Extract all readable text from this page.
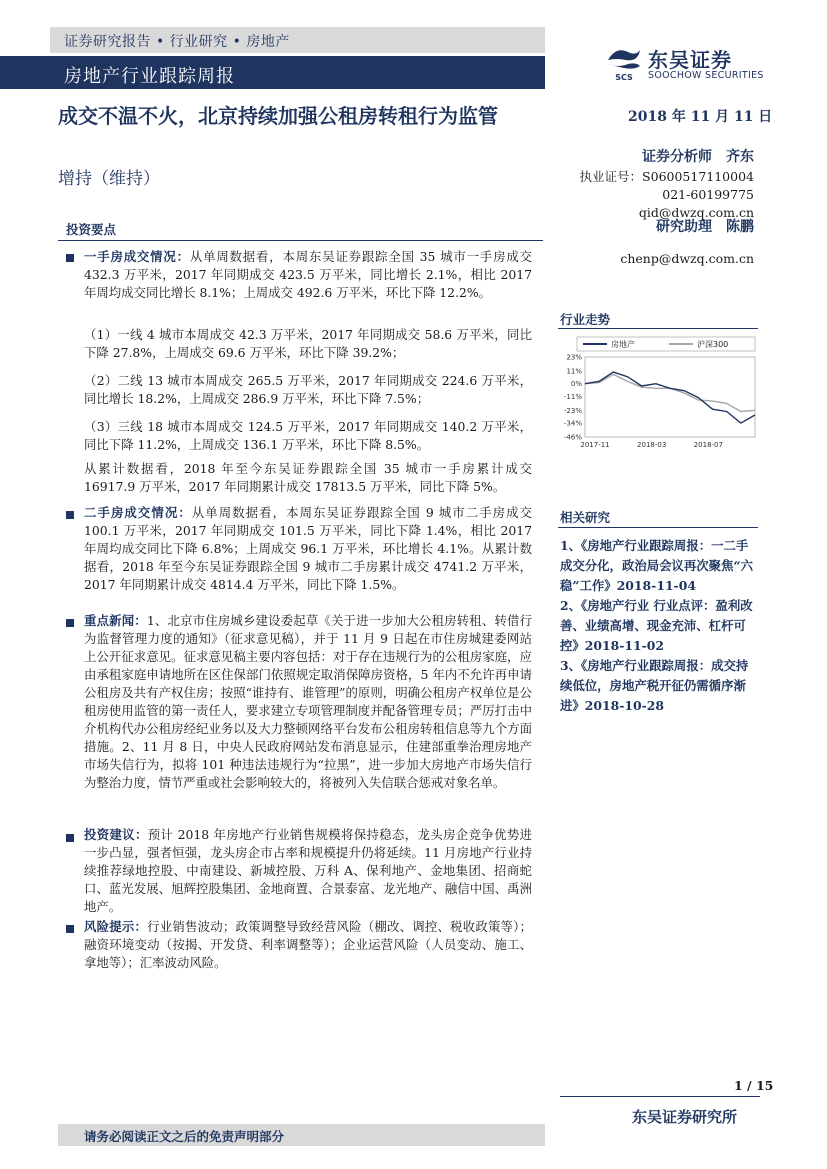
证券研究报告 • 行业研究 • 房地产
房地产行业跟踪周报	SCS
东吴证券
SOOCHOW SECURITIES
成交不温不火，北京持续加强公租房转租行为监管
增持（维持）
2018 年 11 月 11 日
证券分析师　齐东
执业证号：S0600517110004
021-60199775
qid@dwzq.com.cn
研究助理　陈鹏
chenp@dwzq.com.cn
投资要点
一手房成交情况：从单周数据看，本周东吴证券跟踪全国 35 城市一手房成交 432.3 万平米，2017 年同期成交 423.5 万平米，同比增长 2.1%，相比 2017 年周均成交同比增长 8.1%；上周成交 492.6 万平米，环比下降 12.2%。
（1）一线 4 城市本周成交 42.3 万平米，2017 年同期成交 58.6 万平米，同比下降 27.8%，上周成交 69.6 万平米，环比下降 39.2%；
（2）二线 13 城市本周成交 265.5 万平米，2017 年同期成交 224.6 万平米，同比增长 18.2%，上周成交 286.9 万平米，环比下降 7.5%；
（3）三线 18 城市本周成交 124.5 万平米，2017 年同期成交 140.2 万平米，同比下降 11.2%，上周成交 136.1 万平米，环比下降 8.5%。
从累计数据看，2018 年至今东吴证券跟踪全国 35 城市一手房累计成交 16917.9 万平米，2017 年同期累计成交 17813.5 万平米，同比下降 5%。
二手房成交情况：从单周数据看，本周东吴证券跟踪全国 9 城市二手房成交 100.1 万平米，2017 年同期成交 101.5 万平米，同比下降 1.4%，相比 2017 年周均成交同比下降 6.8%；上周成交 96.1 万平米，环比增长 4.1%。从累计数据看，2018 年至今东吴证券跟踪全国 9 城市二手房累计成交 4741.2 万平米，2017 年同期累计成交 4814.4 万平米，同比下降 1.5%。
重点新闻：1、北京市住房城乡建设委起草《关于进一步加大公租房转租、转借行为监督管理力度的通知》（征求意见稿），并于 11 月 9 日起在市住房城建委网站上公开征求意见。征求意见稿主要内容包括：对于存在违规行为的公租房家庭，应由承租家庭申请地所在区住保部门依照规定取消保障房资格，5 年内不允许再申请公租房及共有产权住房；按照“谁持有、谁管理”的原则，明确公租房产权单位是公租房使用监管的第一责任人，要求建立专项管理制度并配备管理专员；严厉打击中介机构代办公租房经纪业务以及大力整顿网络平台发布公租房转租信息等九个方面措施。2、11 月 8 日，中央人民政府网站发布消息显示，住建部重拳治理房地产市场失信行为，拟将 101 种违法违规行为“拉黑”，进一步加大房地产市场失信行为整治力度，情节严重或社会影响较大的，将被列入失信联合惩戒对象名单。
投资建议：预计 2018 年房地产行业销售规模将保持稳态，龙头房企竞争优势进一步凸显，强者恒强，龙头房企市占率和规模提升仍将延续。11 月房地产行业持续推荐绿地控股、中南建设、新城控股、万科 A、保利地产、金地集团、招商蛇口、蓝光发展、旭辉控股集团、金地商置、合景泰富、龙光地产、融信中国、禹洲地产。
风险提示：行业销售波动；政策调整导致经营风险（棚改、调控、税收政策等）；融资环境变动（按揭、开发贷、利率调整等）；企业运营风险（人员变动、施工、拿地等）；汇率波动风险。
行业走势
房地产	沪深300
23%
11%
0%
-11%
-23%
-34%
-46%
2017-11	2018-03	2018-07
相关研究
1、《房地产行业跟踪周报：一二手成交分化，政治局会议再次聚焦“六稳”工作》2018-11-04
2、《房地产行业 行业点评：盈利改善、业绩高增、现金充沛、杠杆可控》2018-11-02
3、《房地产行业跟踪周报：成交持续低位，房地产税开征仍需循序渐进》2018-10-28
1 / 15
东吴证券研究所
请务必阅读正文之后的免责声明部分
